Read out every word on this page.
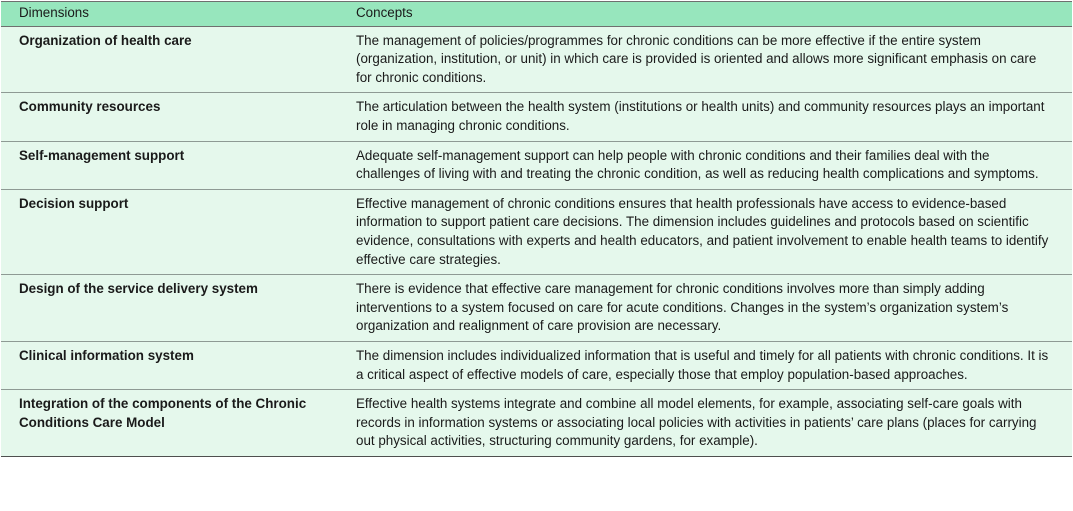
Dimensions	Concepts
Organization of health care	The management of policies/programmes for chronic conditions can be more effective if the entire system (organization, institution, or unit) in which care is provided is oriented and allows more significant emphasis on care for chronic conditions.
Community resources	The articulation between the health system (institutions or health units) and community resources plays an important role in managing chronic conditions.
Self-management support	Adequate self-management support can help people with chronic conditions and their families deal with the challenges of living with and treating the chronic condition, as well as reducing health complications and symptoms.
Decision support	Effective management of chronic conditions ensures that health professionals have access to evidence-based information to support patient care decisions. The dimension includes guidelines and protocols based on scientific evidence, consultations with experts and health educators, and patient involvement to enable health teams to identify effective care strategies.
Design of the service delivery system	There is evidence that effective care management for chronic conditions involves more than simply adding interventions to a system focused on care for acute conditions. Changes in the system’s organization system’s organization and realignment of care provision are necessary.
Clinical information system	The dimension includes individualized information that is useful and timely for all patients with chronic conditions. It is a critical aspect of effective models of care, especially those that employ population-based approaches.
Integration of the components of the Chronic Conditions Care Model	Effective health systems integrate and combine all model elements, for example, associating self-care goals with records in information systems or associating local policies with activities in patients’ care plans (places for carrying out physical activities, structuring community gardens, for example).
